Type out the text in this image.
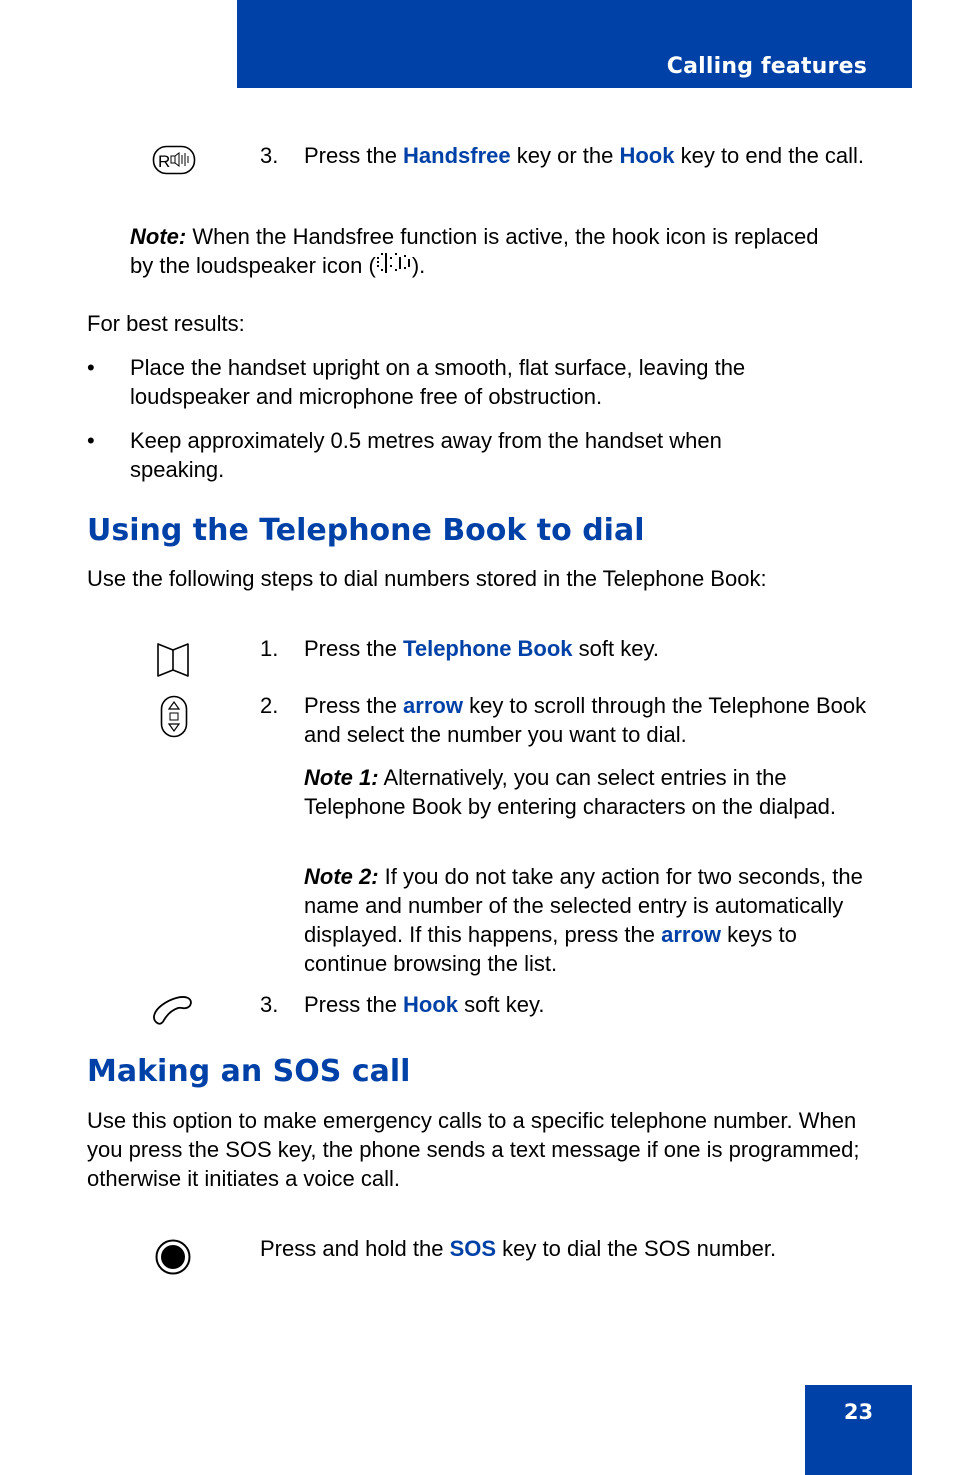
Calling features
R	3. Press the Handsfree key or the Hook key to end the call.
Note: When the Handsfree function is active, the hook icon is replaced by the loudspeaker icon ( ).
For best results:
• Place the handset upright on a smooth, flat surface, leaving the loudspeaker and microphone free of obstruction.
• Keep approximately 0.5 metres away from the handset when speaking.
Using the Telephone Book to dial
Use the following steps to dial numbers stored in the Telephone Book:
1. Press the Telephone Book soft key.
2. Press the arrow key to scroll through the Telephone Book and select the number you want to dial.
Note 1: Alternatively, you can select entries in the Telephone Book by entering characters on the dialpad.
Note 2: If you do not take any action for two seconds, the name and number of the selected entry is automatically displayed. If this happens, press the arrow keys to continue browsing the list.
3. Press the Hook soft key.
Making an SOS call
Use this option to make emergency calls to a specific telephone number. When you press the SOS key, the phone sends a text message if one is programmed; otherwise it initiates a voice call.
Press and hold the SOS key to dial the SOS number.
23
